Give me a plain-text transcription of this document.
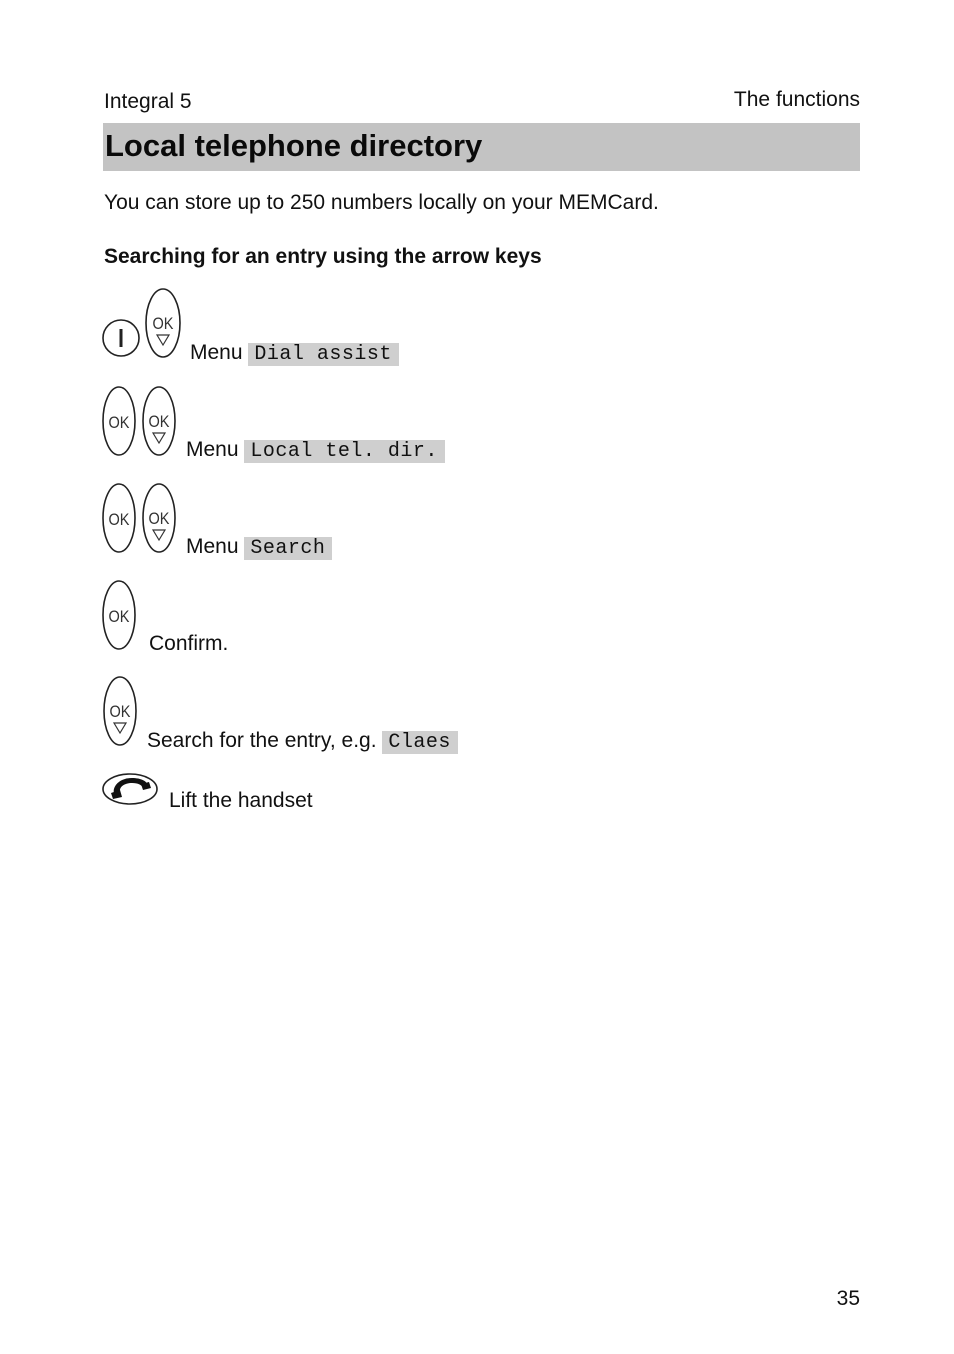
Integral 5	The functions
Local telephone directory
You can store up to 250 numbers locally on your MEMCard.
Searching for an entry using the arrow keys
OK
Menu Dial assist
OK OK
Menu Local tel. dir.
OK OK
Menu Search
OK
Confirm.
OK
Search for the entry, e.g. Claes
Lift the handset
35
